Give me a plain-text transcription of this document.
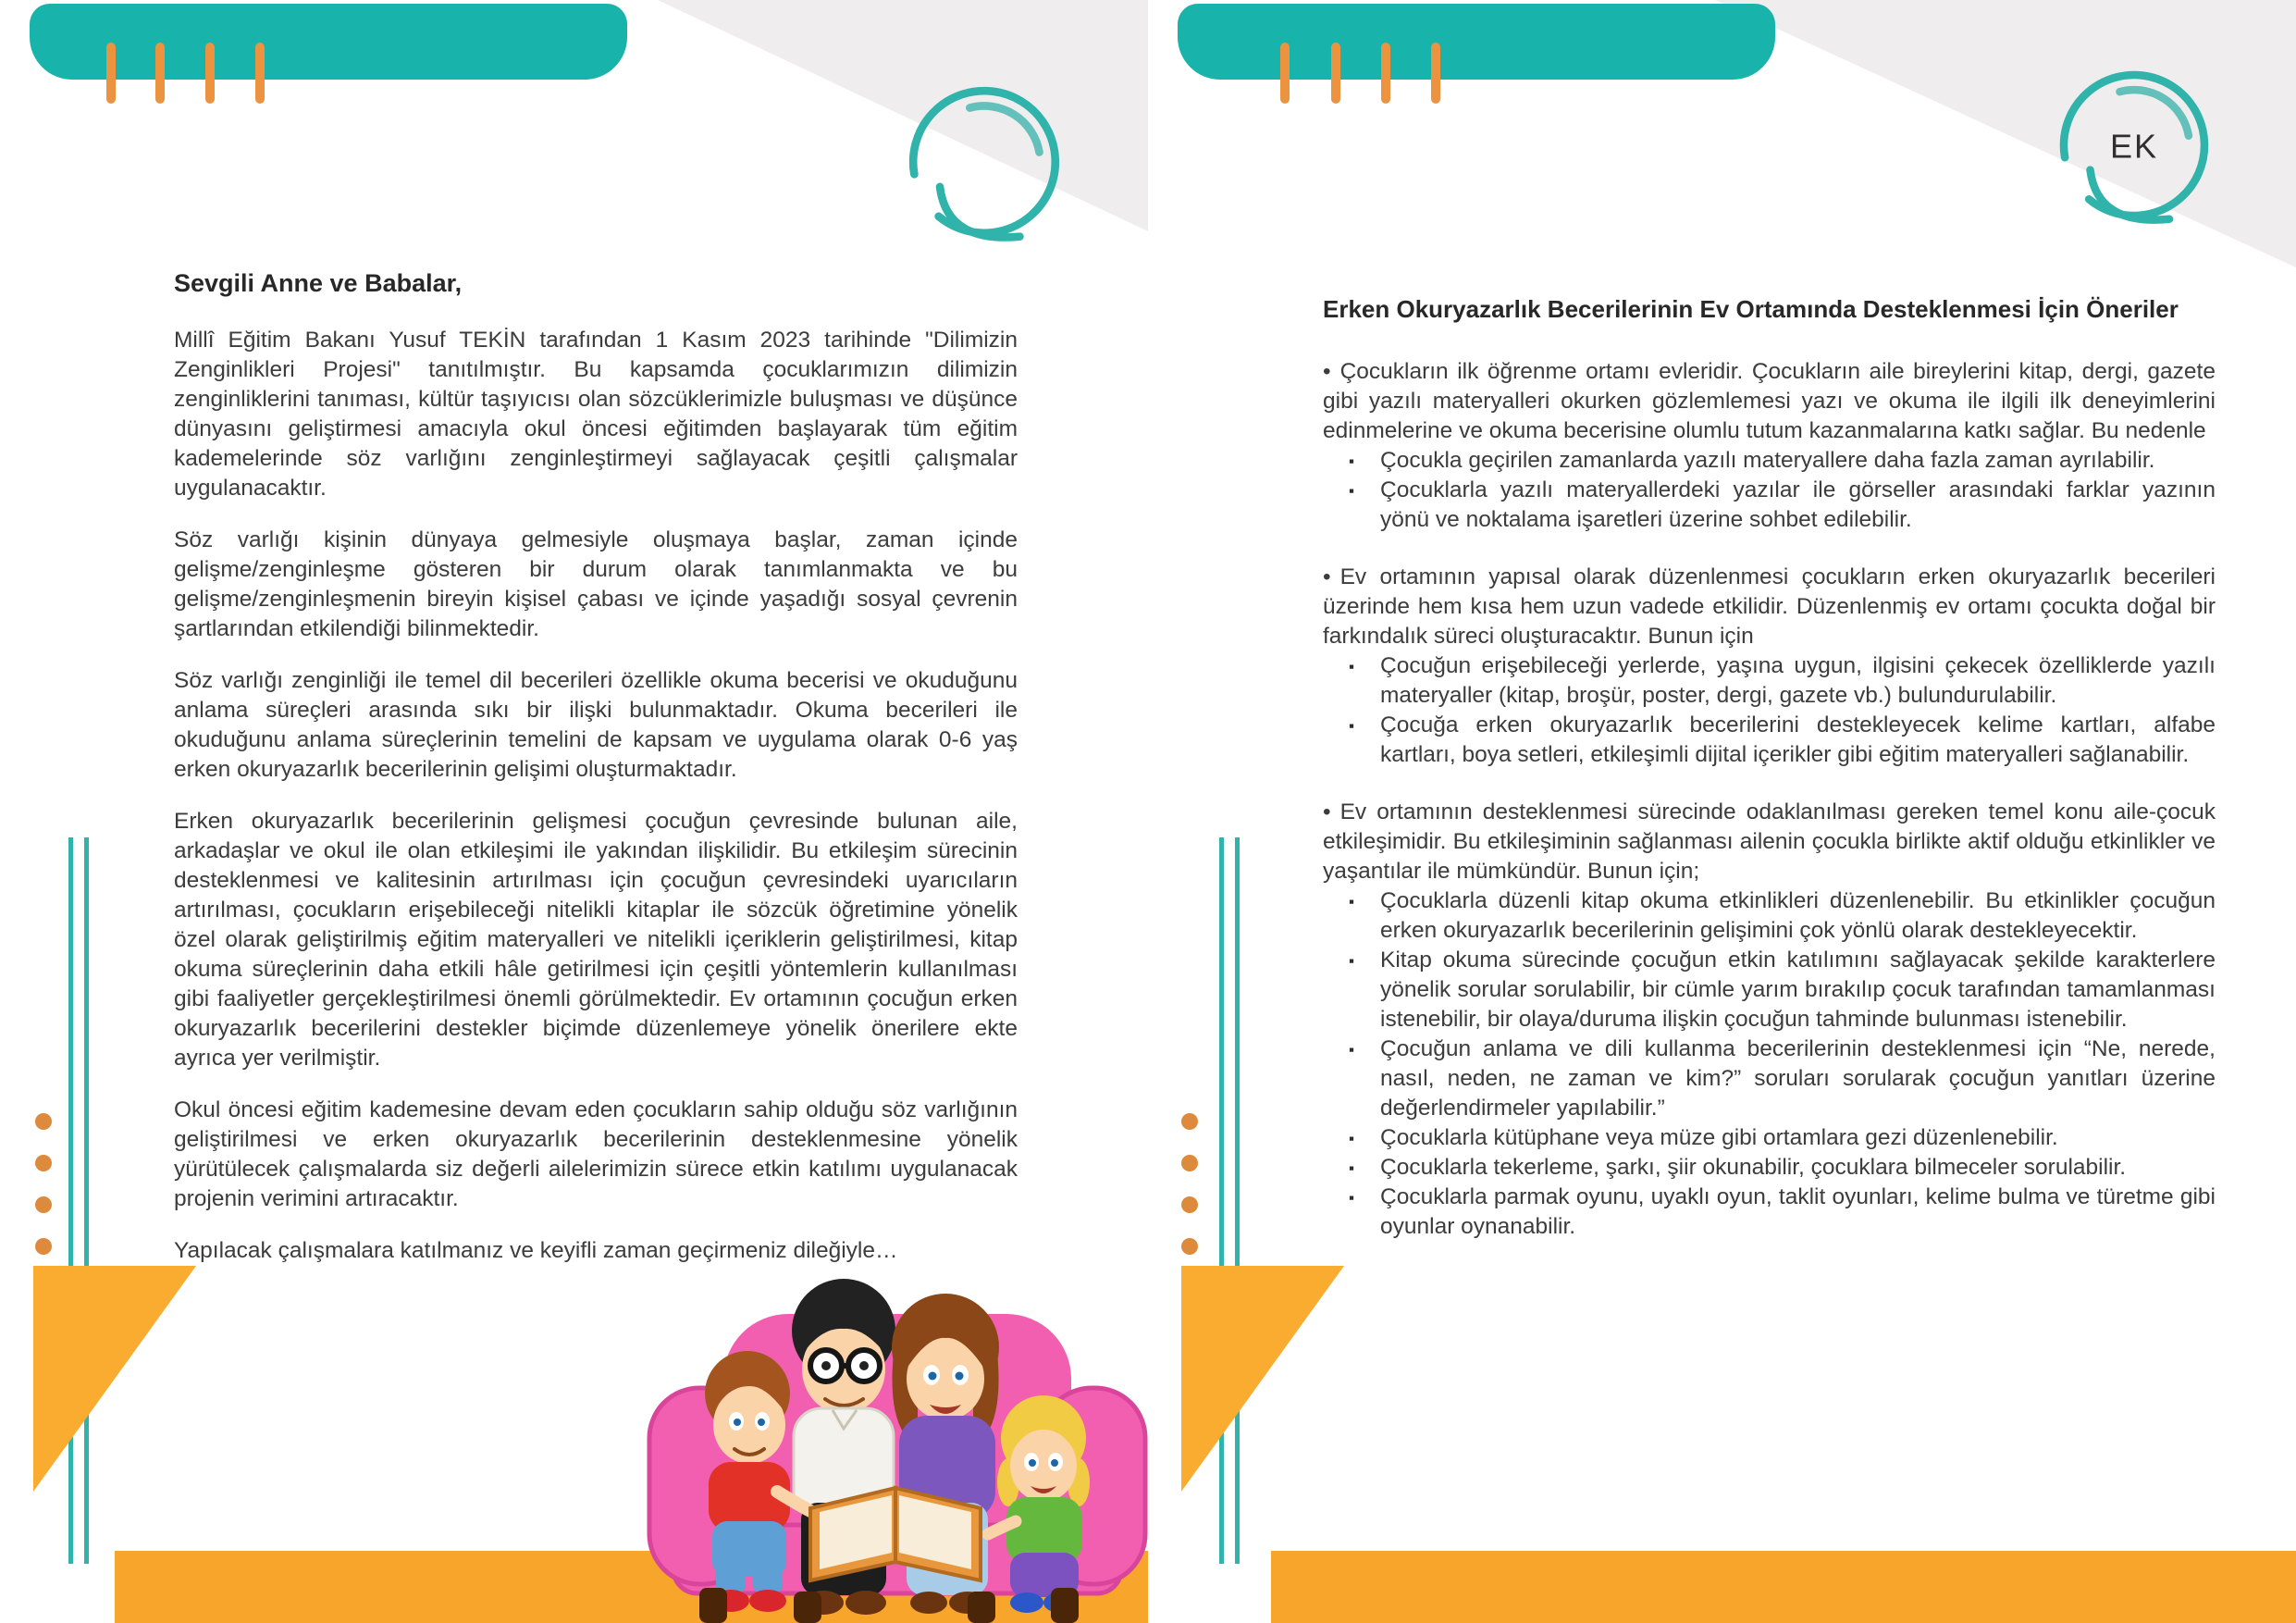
Sevgili Anne ve Babalar,

Millî Eğitim Bakanı Yusuf TEKİN tarafından 1 Kasım 2023 tarihinde "Dilimizin Zenginlikleri Projesi" tanıtılmıştır. Bu kapsamda çocuklarımızın dilimizin zenginliklerini tanıması, kültür taşıyıcısı olan sözcüklerimizle buluşması ve düşünce dünyasını geliştirmesi amacıyla okul öncesi eğitimden başlayarak tüm eğitim kademelerinde söz varlığını zenginleştirmeyi sağlayacak çeşitli çalışmalar uygulanacaktır.

Söz varlığı kişinin dünyaya gelmesiyle oluşmaya başlar, zaman içinde gelişme/zenginleşme gösteren bir durum olarak tanımlanmakta ve bu gelişme/zenginleşmenin bireyin kişisel çabası ve içinde yaşadığı sosyal çevrenin şartlarından etkilendiği bilinmektedir.

Söz varlığı zenginliği ile temel dil becerileri özellikle okuma becerisi ve okuduğunu anlama süreçleri arasında sıkı bir ilişki bulunmaktadır. Okuma becerileri ile okuduğunu anlama süreçlerinin temelini de kapsam ve uygulama olarak 0-6 yaş erken okuryazarlık becerilerinin gelişimi oluşturmaktadır.

Erken okuryazarlık becerilerinin gelişmesi çocuğun çevresinde bulunan aile, arkadaşlar ve okul ile olan etkileşimi ile yakından ilişkilidir. Bu etkileşim sürecinin desteklenmesi ve kalitesinin artırılması için çocuğun çevresindeki uyarıcıların artırılması, çocukların erişebileceği nitelikli kitaplar ile sözcük öğretimine yönelik özel olarak geliştirilmiş eğitim materyalleri ve nitelikli içeriklerin geliştirilmesi, kitap okuma süreçlerinin daha etkili hâle getirilmesi için çeşitli yöntemlerin kullanılması gibi faaliyetler gerçekleştirilmesi önemli görülmektedir. Ev ortamının çocuğun erken okuryazarlık becerilerini destekler biçimde düzenlemeye yönelik önerilere ekte ayrıca yer verilmiştir.

Okul öncesi eğitim kademesine devam eden çocukların sahip olduğu söz varlığının geliştirilmesi ve erken okuryazarlık becerilerinin desteklenmesine yönelik yürütülecek çalışmalarda siz değerli ailelerimizin sürece etkin katılımı uygulanacak projenin verimini artıracaktır.

Yapılacak çalışmalara katılmanız ve keyifli zaman geçirmeniz dileğiyle…

EK
Erken Okuryazarlık Becerilerinin Ev Ortamında Desteklenmesi İçin Öneriler

• Çocukların ilk öğrenme ortamı evleridir. Çocukların aile bireylerini kitap, dergi, gazete gibi yazılı materyalleri okurken gözlemlemesi yazı ve okuma ile ilgili ilk deneyimlerini edinmelerine ve okuma becerisine olumlu tutum kazanmalarına katkı sağlar. Bu nedenle

▪ Çocukla geçirilen zamanlarda yazılı materyallere daha fazla zaman ayrılabilir.

▪ Çocuklarla yazılı materyallerdeki yazılar ile görseller arasındaki farklar yazının yönü ve noktalama işaretleri üzerine sohbet edilebilir.

• Ev ortamının yapısal olarak düzenlenmesi çocukların erken okuryazarlık becerileri üzerinde hem kısa hem uzun vadede etkilidir. Düzenlenmiş ev ortamı çocukta doğal bir farkındalık süreci oluşturacaktır. Bunun için

▪ Çocuğun erişebileceği yerlerde, yaşına uygun, ilgisini çekecek özelliklerde yazılı materyaller (kitap, broşür, poster, dergi, gazete vb.) bulundurulabilir.

▪ Çocuğa erken okuryazarlık becerilerini destekleyecek kelime kartları, alfabe kartları, boya setleri, etkileşimli dijital içerikler gibi eğitim materyalleri sağlanabilir.

• Ev ortamının desteklenmesi sürecinde odaklanılması gereken temel konu aile-çocuk etkileşimidir. Bu etkileşiminin sağlanması ailenin çocukla birlikte aktif olduğu etkinlikler ve yaşantılar ile mümkündür. Bunun için;

▪ Çocuklarla düzenli kitap okuma etkinlikleri düzenlenebilir. Bu etkinlikler çocuğun erken okuryazarlık becerilerinin gelişimini çok yönlü olarak destekleyecektir.

▪ Kitap okuma sürecinde çocuğun etkin katılımını sağlayacak şekilde karakterlere yönelik sorular sorulabilir, bir cümle yarım bırakılıp çocuk tarafından tamamlanması istenebilir, bir olaya/duruma ilişkin çocuğun tahminde bulunması istenebilir.

▪ Çocuğun anlama ve dili kullanma becerilerinin desteklenmesi için “Ne, nerede, nasıl, neden, ne zaman ve kim?” soruları sorularak çocuğun yanıtları üzerine değerlendirmeler yapılabilir.”

▪ Çocuklarla kütüphane veya müze gibi ortamlara gezi düzenlenebilir.

▪ Çocuklarla tekerleme, şarkı, şiir okunabilir, çocuklara bilmeceler sorulabilir.

▪ Çocuklarla parmak oyunu, uyaklı oyun, taklit oyunları, kelime bulma ve türetme gibi oyunlar oynanabilir.
